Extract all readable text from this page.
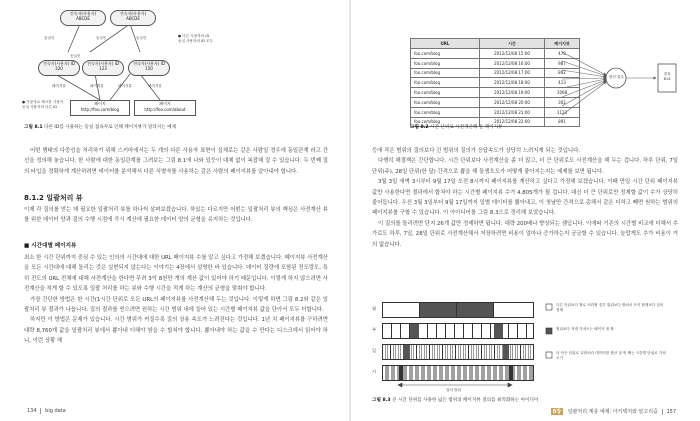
전속자(사용자)
ABCDE
전속자(사용자)
ABCDE
전속자(사용자) ID
320
전속자(사용자) ID
123
전속자(사용자) ID
150
동일인	동일인	동일인
동일인
페이지뷰	페이지뷰	페이지뷰	페이지뷰
페이지
http://foo.com/blog
페이지
http://foo.com/about
● 다른 사용자의 ID
동일 사용자의 ID 모두
● 사용자로 체크한 사용자
동일 사용자의 다른 ID
그림 8.1 다른 ID를 사용하는 동일 접속자로 인해 페이지뷰가 달라지는 예제

어떤 행태의 다중성을 처리하기 위해 스키마에서는 두 개의 다른 사용자 표현이 실체로는 같은 사람일 경우에 동일관계 라고 간선을 정의해 놓습니다. 한 사람에 대한 동일관계를 그려보는 그림 8.1에 나와 있듯이 대체 없이 복잡해 질 수 있습니다. 두 번째 질의 타입을 정확하게 계산하려면 데이터를 분석해서 다른 식별자를 사용하는 같은 사람의 페이지뷰를 알아내야 합니다.

8.1.2 일괄처리 뷰

이제 각 질의를 얻는 데 필요한 일괄처리 뷰를 하나씩 살펴보겠습니다. 하있는 다르지만 어떤는 일괄처리 뷰의 핵심은 사전계산 뷰를 위한 데이터 양과 질의 수행 시점에 즉시 계산에 필요한 데이터 양의 균형을 유지하는 것입니다.

■ 시간대별 페이지뷰

최소 한 시간 단위까지 중심 수 있는 인의의 시간대에 대한 URL 페이지뷰 수를 알고 싶다고 가정해 보겠습니다. 페이지뷰 사전계산을 모든 시간대에 대해 돌리는 것은 실현되지 않는다는 이야기는 4장에서 설명한 바 있습니다. 데이터 질량에 포함된 전도령도, 특히 전도의 URL 전체에 대해 사전계산을 한다면 무려 3억 8천만 개의 계산 값이 있어야 하기 때문입니다. 이렇게 하지 않으려면 사전계산을 적게 할 수 있도록 일괄 처리를 하는 뷰와 수행 시간을 적게 하는 계산의 균형을 맞춰야 합니다.

가장 간단한 방법은 한 시간(1시간 단위로 모든 URL의 페이지뷰를 사전계산해 두는 것입니다. 이렇게 하면 그림 8.2와 같은 일괄처리 뷰 결과가 나옵니다. 질의 결과를 얻으려면 원하는 시간 범위 내에 들어 있는 시간별 페이지뷰 값을 단아서 모두 더합니다.

하지만 이 방법은 문제가 있습니다. 시간 범위가 커질수록 질의 상용 속도가 느려진다는 것입니다. 1년 치 페이지뷰를 구하려면 대략 8,760개 값을 일괄처리 뷰에서 뽑아내 더해야 함을 수 합쳐야 합니다. 뽑아내야 하는 값을 수 만다는 디스크에서 읽어야 하니, 이런 상황 해

134 big data
URL	시간	페이지뷰
foo.com/blog	2012/12/08 15:00	478
foo.com/blog	2012/12/08 16:00	987
foo.com/blog	2012/12/08 17:00	892
foo.com/blog	2012/12/08 18:00	413
foo.com/blog	2012/12/08 19:00	1068
foo.com/blog	2012/12/08 20:00	302
foo.com/blog	2012/12/08 21:00	1123
foo.com/blog	2012/12/08 22:00	891
합산 함수
결과 814
그림 8.2 시간 단위로 사전계산해 둔 페이지뷰

등에 작은 범위의 질의보다 긴 범위의 질의가 응답속도가 상당히 느려지게 되는 것입니다.

다행히 해결책은 간단합니다. 시간 단위보다 사전계산을 좀 더 많고, 더 큰 단위로도 사전계산을 해 두는 겁니다. 하루 단위, 7일 단위(주), 28일 단위(한 달) 간격으로 뽑을 해 둘셈흐도가 어떻게 좋아지는지는 예제를 보면 됩니다.

3월 3일 새벽 3시부터 9월 17일 오전 8시까지 페이지뷰를 계산하고 싶다고 가정해 보겠습니다. 이때 만일 시간 단위 페이지뷰 값만 사용한다면 결과에서 합쳐야 하는 시간별 페이지뷰 수가 4,805개가 될 겁니다. 대신 더 큰 단위로만 정제할 값이 수가 상당히 줄어듭니다. 우선 3월 3일부터 9월 17일까지 일별 데이터를 뽑아내고, 이 첫날만 간격으로 총해서 같은 더하고 빼면 원하는 범위의 페이지뷰를 구할 수 있습니다. 이 아이디어를 그림 8.3으로 정리해 보았습니다.

이 질의를 돌리려면 단지 26개 값만 정제하면 됩니다. 대략 200배나 향상되는 셈입니다. 이에따 기존의 시간별 비교에 더해서 추가로도 하루, 7일, 28일 단위로 사전계산해서 저장하려면 비용이 얼마나 증가하는지 궁금할 수 있습니다. 놀랍게도 추가 비용이 거의 없습니다.

월
주
일
시
질의 범위
다른 단위보다 월로 처리할 경우 범위보다 합쳐서 모이 합계보다 앞의 정제
범위보다 적게 가져오는 페이지 정 합
더 작은 단위로 일괄처리 데이터를 합산 첫 번 째는 시간별 단위로 가져오기
그림 8.3 큰 시간 단위를 사용한 넓은 범위의 페이지뷰 질의를 최적화하는 아이디어
8장 일괄처리 계층 예제: 아키텍처와 알고리즘 157
